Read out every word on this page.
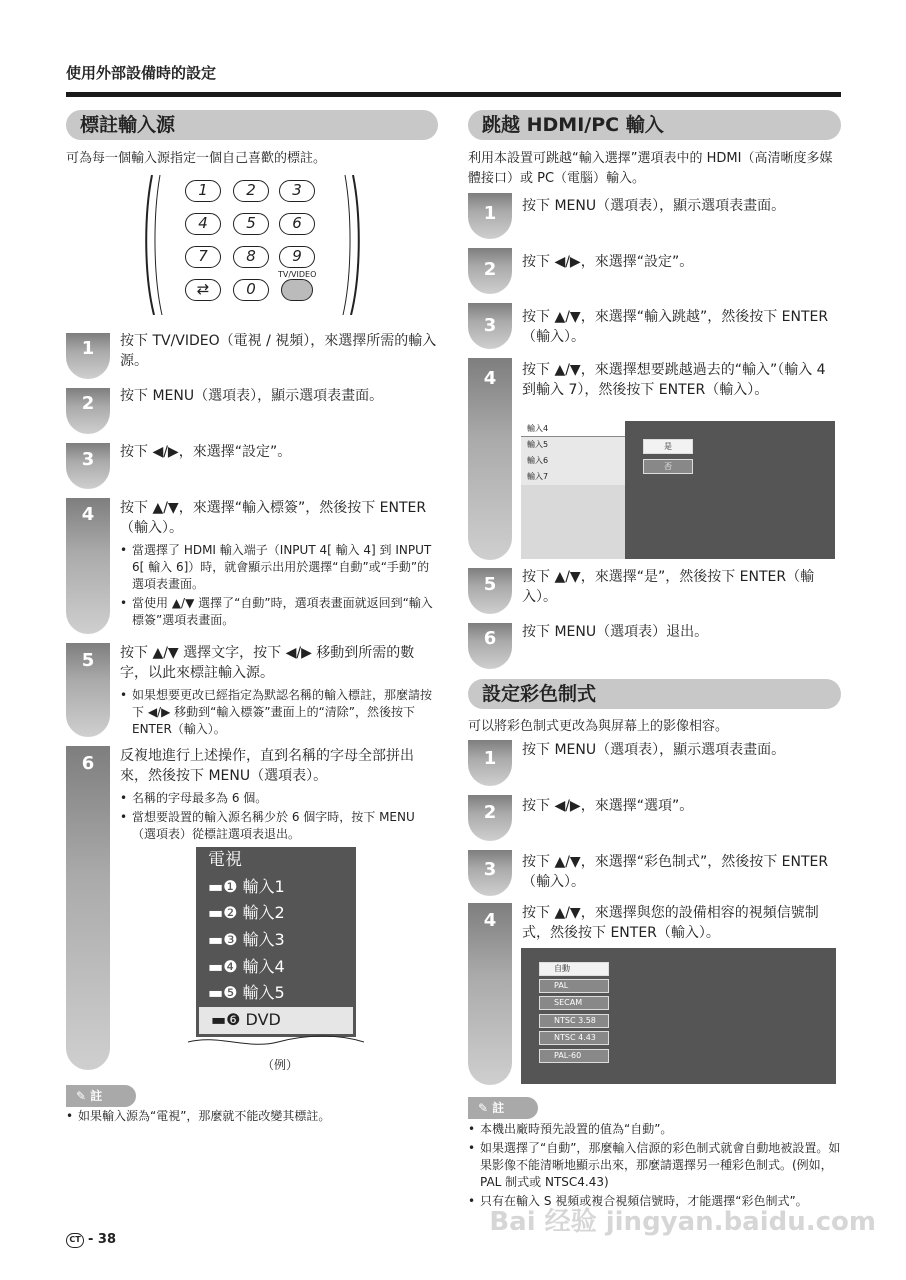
使用外部設備時的設定
標註輸入源
可為每一個輸入源指定一個自己喜歡的標註。
1	2	3
4	5	6
7	8	9
TV/VIDEO
⇄	0
1	按下 TV/VIDEO（電視 / 視頻），來選擇所需的輸入源。
2	按下 MENU（選項表），顯示選項表畫面。
3	按下 ◀/▶，來選擇“設定”。
4	按下 ▲/▼，來選擇“輸入標簽”，然後按下 ENTER（輸入）。
• 當選擇了 HDMI 輸入端子（INPUT 4[ 輸入 4] 到 INPUT 6[ 輸入 6]）時，就會顯示出用於選擇“自動”或“手動”的選項表畫面。
• 當使用 ▲/▼ 選擇了“自動”時，選項表畫面就返回到“輸入標簽”選項表畫面。
5	按下 ▲/▼ 選擇文字，按下 ◀/▶ 移動到所需的數字，以此來標註輸入源。
• 如果想要更改已經指定為默認名稱的輸入標註，那麼請按下 ◀/▶ 移動到“輸入標簽”畫面上的“清除”，然後按下 ENTER（輸入）。
6	反複地進行上述操作，直到名稱的字母全部拼出來，然後按下 MENU（選項表）。
• 名稱的字母最多為 6 個。
• 當想要設置的輸入源名稱少於 6 個字時，按下 MENU（選項表）從標註選項表退出。
電視
▬❶ 輸入1
▬❷ 輸入2
▬❸ 輸入3
▬❹ 輸入4
▬❺ 輸入5
▬❻ DVD
（例）
✎ 註
• 如果輸入源為“電視”，那麼就不能改變其標註。
跳越 HDMI/PC 輸入
利用本設置可跳越“輸入選擇”選項表中的 HDMI（高清晰度多媒體接口）或 PC（電腦）輸入。
1	按下 MENU（選項表），顯示選項表畫面。
2	按下 ◀/▶，來選擇“設定”。
3	按下 ▲/▼，來選擇“輸入跳越”，然後按下 ENTER（輸入）。
4	按下 ▲/▼，來選擇想要跳越過去的“輸入”（輸入 4 到輸入 7），然後按下 ENTER（輸入）。
輸入4
輸入5
輸入6
輸入7
是
否
5	按下 ▲/▼，來選擇“是”，然後按下 ENTER（輸入）。
6	按下 MENU（選項表）退出。
設定彩色制式
可以將彩色制式更改為與屏幕上的影像相容。
1	按下 MENU（選項表），顯示選項表畫面。
2	按下 ◀/▶，來選擇“選項”。
3	按下 ▲/▼，來選擇“彩色制式”，然後按下 ENTER（輸入）。
4	按下 ▲/▼，來選擇與您的設備相容的視頻信號制式，然後按下 ENTER（輸入）。
自動
PAL
SECAM
NTSC 3.58
NTSC 4.43
PAL-60
✎ 註
• 本機出廠時預先設置的值為“自動”。
• 如果選擇了“自動”，那麼輸入信源的彩色制式就會自動地被設置。如果影像不能清晰地顯示出來，那麼請選擇另一種彩色制式。(例如，PAL 制式或 NTSC4.43)
• 只有在輸入 S 視頻或複合視頻信號時，才能選擇“彩色制式”。
CT - 38
Bai 经验 jingyan.baidu.com
